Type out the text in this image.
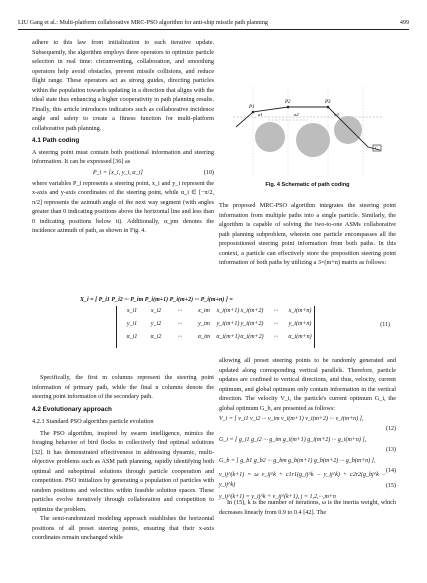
LIU Gang et al.: Multi-platform collaborative MRC-PSO algorithm for anti-ship missile path planning	499

adhere to this law from initialization to each iterative update. Subsequently, the algorithm employs three operators to optimize particle selection in real time: circumventing, collaboration, and smoothing operators help avoid obstacles, prevent missile collisions, and reduce flight range. These operators act as strong guides, directing particles within the population towards updating in a direction that aligns with the ideal state thus enhancing a higher cooperativity in path planning results. Finally, this article introduces indicators such as collaborative incidence angle and safety to create a fitness function for multi-platform collaborative path planning.

4.1 Path coding

A steering point must contain both positional information and steering information. It can be expressed [36] as

P_i = [x_i, y_i, α_i]	(10)

where variables P_i represents a steering point, x_i and y_i represent the x-axis and y-axis coordinates of the steering point, while α_i ∈ [−π/2, π/2] represents the azimuth angle of the next way segment (with angles greater than 0 indicating positions above the horizontal line and less than 0 indicating positions below it). Additionally, α_pm denotes the incidence azimuth of path, as shown in Fig. 4.

P1
P2	P3
α1	α2	α3
C
Fig. 4 Schematic of path coding

The proposed MRC-PSO algorithm integrates the steering point information from multiple paths into a single particle. Similarly, the algorithm is capable of solving the two-to-one ASMs collaborative path planning subproblem, wherein one particle encompasses all the preposistioned steering point information from both paths. In this context, a particle can effectively store the preposition steering point information of both paths by utilizing a 3×(m+n) matrix as follows:

X_i = [ P_i1 P_i2 ··· P_im P_i(m+1) P_i(m+2) ··· P_i(m+n) ] =
x_i1	x_i2	···	x_im	x_i(m+1) x_i(m+2)	···	x_i(m+n)
y_i1	y_i2	···	y_im	y_i(m+1) y_i(m+2)	···	y_i(m+n)
α_i1	α_i2	···	α_im	α_i(m+1) α_i(m+2)	···	α_i(m+n)
(11)

Specifically, the first m columns represent the steering point information of primary path, while the final n columns denote the steering point information of the secondary path.

4.2 Evolutionary approach
4.2.1 Standard PSO algorithm particle evolution

The PSO algorithm, inspired by swarm intelligence, mimics the foraging behavior of bird flocks to collectively find optimal solutions [32]. It has demonstrated effectiveness in addressing dynamic, multi-objective problems such as ASM path planning, rapidly identifying both optimal and suboptimal solutions through particle cooperation and competition. PSO initializes by generating a population of particles with random positions and velocities within feasible solution spaces. These particles evolve iteratively through collaboration and competition to optimize the problem.

The semi-randomized modeling approach establishes the horizontal positions of all preset steering points, ensuring that their x-axis coordinates remain unchanged while

allowing all preset steering points to be randomly generated and updated along corresponding vertical parallels. Therefore, particle updates are confined to vertical directions, and thus, velocity, current optimum, and global optimum only contain information in the vertical direction. The velocity V_i, the particle's current optimum G_i, the global optimum G_b, are presented as follows:

V_i = [ v_i1 v_i2 ··· v_im v_i(m+1) v_i(m+2) ··· v_i(m+n) ],
(12)
G_i = [ g_i1 g_i2 ··· g_im g_i(m+1) g_i(m+2) ··· g_i(m+n) ],
(13)
G_b = [ g_b1 g_b2 ··· g_bm g_b(m+1) g_b(m+2) ··· g_b(m+n) ],
(14)
v_ij^(k+1) = ω v_ij^k + c1r1(g_ij^k − y_ij^k) + c2r2(g_bj^k − y_ij^k)
y_ij^(k+1) = y_ij^k + v_ij^(k+1), j = 1,2,···,m+n
(15)

In (15), k is the number of iterations, ω is the inertia weight, which decreases linearly from 0.9 to 0.4 [42]. The
